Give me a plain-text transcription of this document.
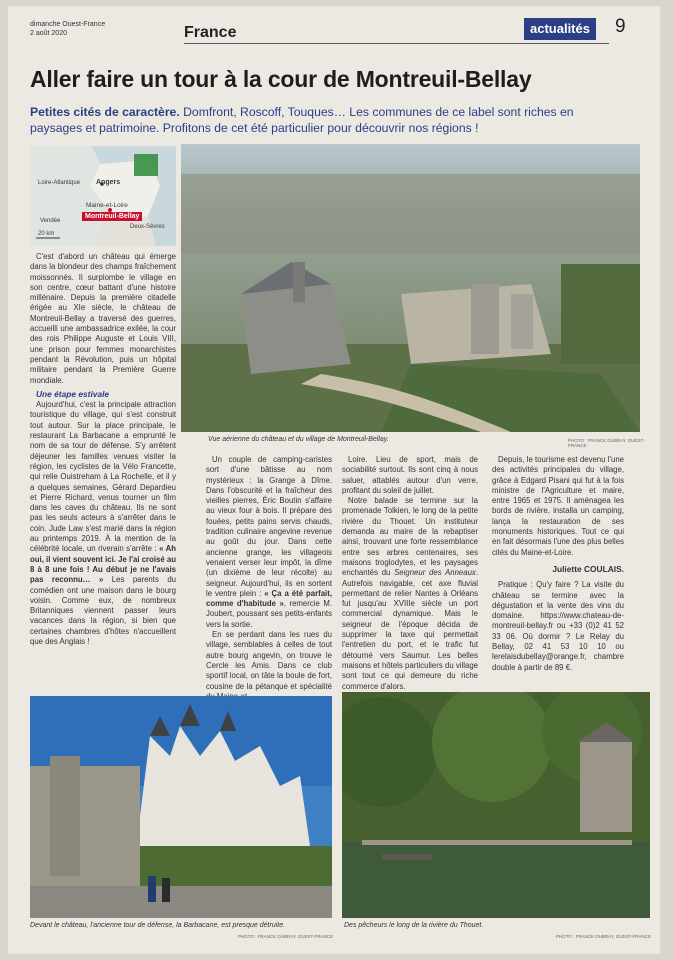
dimanche Ouest-France
2 août 2020	France	actualités	9
Aller faire un tour à la cour de Montreuil-Bellay
Petites cités de caractère. Domfront, Roscoff, Touques… Les communes de ce label sont riches en paysages et patrimoine. Profitons de cet été particulier pour découvrir nos régions !
Loire-Atlantique
Deux-Sèvres
Vendée
Angers
Maine-et-Loire
Montreuil-Bellay
20 km
Vue aérienne du château et du village de Montreuil-Bellay.	PHOTO : FRANCK DUBRAY, OUEST-FRANCE

C'est d'abord un château qui émerge dans la blondeur des champs fraîchement moissonnés. Il surplombe le village en son centre, cœur battant d'une histoire millénaire. Depuis la première citadelle érigée au XIe siècle, le château de Montreuil-Bellay a traversé des guerres, accueilli une ambassadrice exilée, la cour des rois Philippe Auguste et Louis VIII, une prison pour femmes monarchistes pendant la Révolution, puis un hôpital militaire pendant la Première Guerre mondiale.

Une étape estivale

Aujourd'hui, c'est la principale attraction touristique du village, qui s'est construit tout autour. Sur la place principale, le restaurant La Barbacane a emprunté le nom de sa tour de défense. S'y arrêtent déjeuner les familles venues visiter la région, les cyclistes de la Vélo Francette, qui relie Ouistreham à La Rochelle, et il y a quelques semaines, Gérard Depardieu et Pierre Richard, venus tourner un film dans les caves du château. Ils ne sont pas les seuls acteurs à s'arrêter dans le coin. Jude Law s'est marié dans la région au printemps 2019. À la mention de la célébrité locale, un riverain s'arrête : « Ah oui, il vient souvent ici. Je l'ai croisé au 8 à 8 une fois ! Au début je ne l'avais pas reconnu… » Les parents du comédien ont une maison dans le bourg voisin. Comme eux, de nombreux Britanniques viennent passer leurs vacances dans la région, si bien que certaines chambres d'hôtes n'accueillent que des Anglais !

Un couple de camping-caristes sort d'une bâtisse au nom mystérieux : la Grange à Dîme. Dans l'obscurité et la fraîcheur des vieilles pierres, Éric Boutin s'affaire au vieux four à bois. Il prépare des fouées, petits pains servis chauds, tradition culinaire angevine revenue au goût du jour. Dans cette ancienne grange, les villageois venaient verser leur impôt, la dîme (un dixième de leur récolte) au seigneur. Aujourd'hui, ils en sortent le ventre plein : « Ça a été parfait, comme d'habitude », remercie M. Joubert, poussant ses petits-enfants vers la sortie.

En se perdant dans les rues du village, semblables à celles de tout autre bourg angevin, on trouve le Cercle les Amis. Dans ce club sportif local, on tâte la boule de fort, cousine de la pétanque et spécialité

Loire. Lieu de sport, mais de sociabilité surtout. Ils sont cinq à nous saluer, attablés autour d'un verre, profitant du soleil de juillet.

Notre balade se termine sur la promenade Tolkien, le long de la petite rivière du Thouet. Un instituteur demanda au maire de la rebaptiser ainsi, trouvant une forte ressemblance entre ses arbres centenaires, ses maisons troglodytes, et les paysages enchantés du Seigneur des Anneaux. Autrefois navigable, cet axe fluvial permettant de relier Nantes à Orléans fut jusqu'au XVIIIe siècle un port commercial dynamique. Mais le seigneur de l'époque décida de supprimer la taxe qui permettait l'entretien du port, et le trafic fut détourné vers Saumur. Les belles maisons et hôtels particuliers du village sont tout ce qui demeure du riche commerce d'alors.

Depuis, le tourisme est devenu l'une des activités principales du village, grâce à Edgard Pisani qui fut à la fois ministre de l'Agriculture et maire, entre 1965 et 1975. Il aménagea les bords de rivière, installa un camping, lança la restauration de ses monuments historiques. Tout ce qui en fait désormais l'une des plus belles cités du Maine-et-Loire.

Juliette COULAIS.

Pratique : Qu'y faire ? La visite du château se termine avec la dégustation et la vente des vins du domaine. https://www.chateau-de-montreuil-bellay.fr ou +33 (0)2 41 52 33 06. Où dormir ? Le Relay du Bellay, 02 41 53 10 10 ou lerelaisdubellay@orange.fr, chambre double à partir de 89 €.

Devant le château, l'ancienne tour de défense, la Barbacane, est presque détruite.
PHOTO : FRANCK DUBRAY, OUEST-FRANCE
Des pêcheurs le long de la rivière du Thouet.
PHOTO : FRANCK DUBRAY, OUEST-FRANCE
